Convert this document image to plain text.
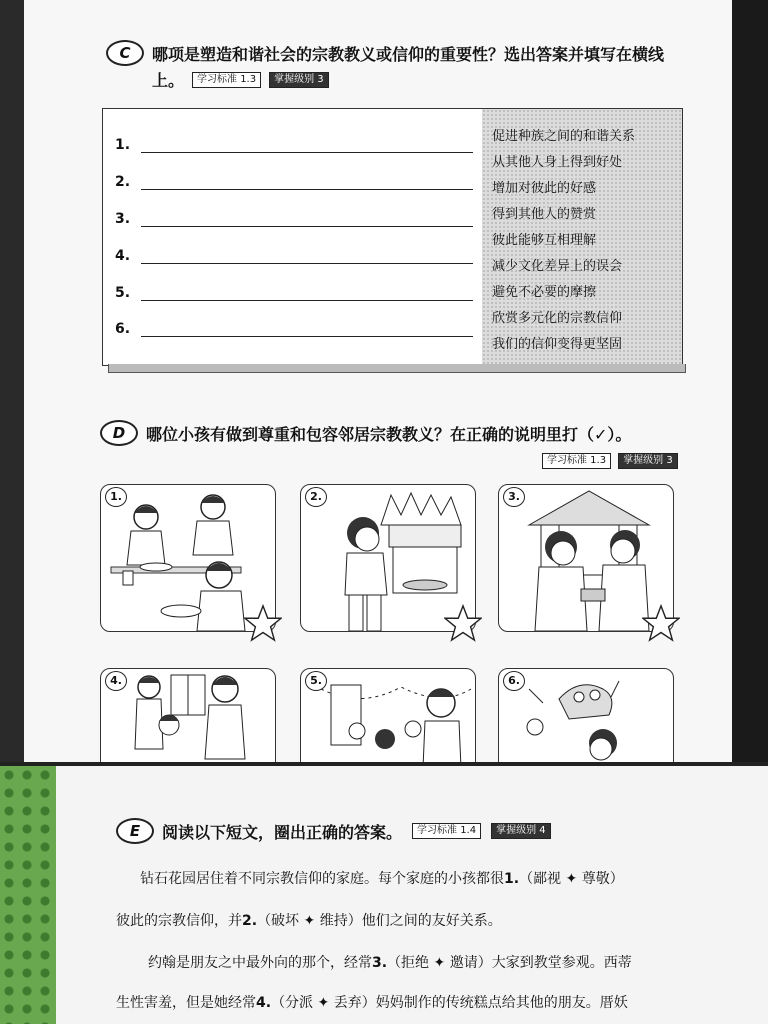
C	哪项是塑造和谐社会的宗教教义或信仰的重要性？选出答案并填写在横线
上。	学习标准 1.3	掌握级别 3
1.
2.
3.
4.
5.
6.
促进种族之间的和谐关系
从其他人身上得到好处
增加对彼此的好感
得到其他人的赞赏
彼此能够互相理解
减少文化差异上的误会
避免不必要的摩擦
欣赏多元化的宗教信仰
我们的信仰变得更坚固
D	哪位小孩有做到尊重和包容邻居宗教教义？在正确的说明里打（✓）。
学习标准 1.3 掌握级别 3
1.	2.	3.
4.	5.	6.
E	阅读以下短文，圈出正确的答案。	学习标准 1.4	掌握级别 4
钻石花园居住着不同宗教信仰的家庭。每个家庭的小孩都很1.（鄙视 ✦ 尊敬）
彼此的宗教信仰，并2.（破坏 ✦ 维持）他们之间的友好关系。
约翰是朋友之中最外向的那个，经常3.（拒绝 ✦ 邀请）大家到教堂参观。西蒂
生性害羞，但是她经常4.（分派 ✦ 丢弃）妈妈制作的传统糕点给其他的朋友。厝妖
